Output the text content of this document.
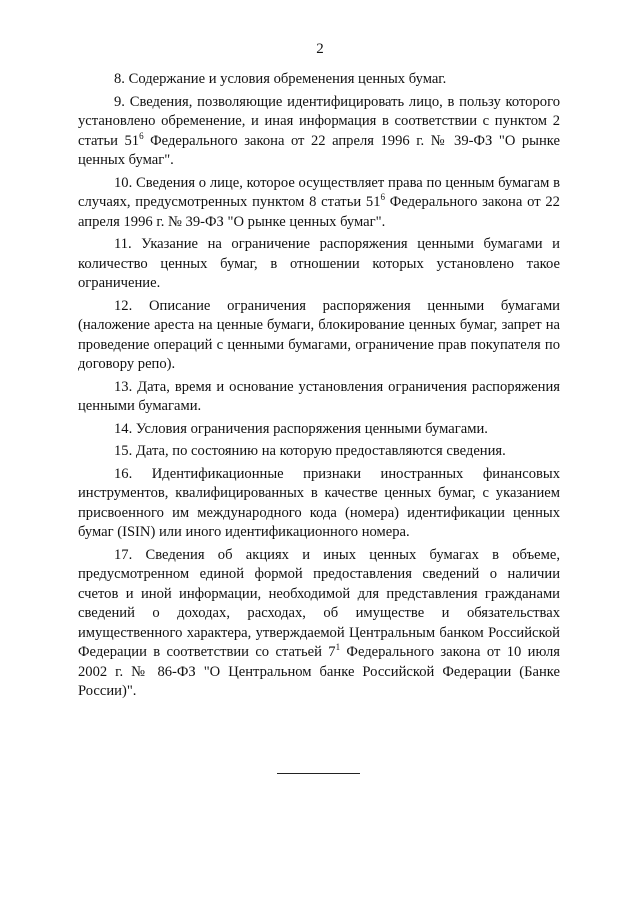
2

8. Содержание и условия обременения ценных бумаг.

9. Сведения, позволяющие идентифицировать лицо, в пользу которого установлено обременение, и иная информация в соответствии с пунктом 2 статьи $51^6$ Федерального закона от 22 апреля 1996 г. № 39-ФЗ "О рынке ценных бумаг".

10. Сведения о лице, которое осуществляет права по ценным бумагам в случаях, предусмотренных пунктом 8 статьи $51^6$ Федерального закона от 22 апреля 1996 г. № 39-ФЗ "О рынке ценных бумаг".

11. Указание на ограничение распоряжения ценными бумагами и количество ценных бумаг, в отношении которых установлено такое ограничение.

12. Описание ограничения распоряжения ценными бумагами (наложение ареста на ценные бумаги, блокирование ценных бумаг, запрет на проведение операций с ценными бумагами, ограничение прав покупателя по договору репо).

13. Дата, время и основание установления ограничения распоряжения ценными бумагами.

14. Условия ограничения распоряжения ценными бумагами.

15. Дата, по состоянию на которую предоставляются сведения.

16. Идентификационные признаки иностранных финансовых инструментов, квалифицированных в качестве ценных бумаг, с указанием присвоенного им международного кода (номера) идентификации ценных бумаг (ISIN) или иного идентификационного номера.

17. Сведения об акциях и иных ценных бумагах в объеме, предусмотренном единой формой предоставления сведений о наличии счетов и иной информации, необходимой для представления гражданами сведений о доходах, расходах, об имуществе и обязательствах имущественного характера, утверждаемой Центральным банком Российской Федерации в соответствии со статьей $7^1$ Федерального закона от 10 июля 2002 г. № 86-ФЗ "О Центральном банке Российской Федерации (Банке России)".
